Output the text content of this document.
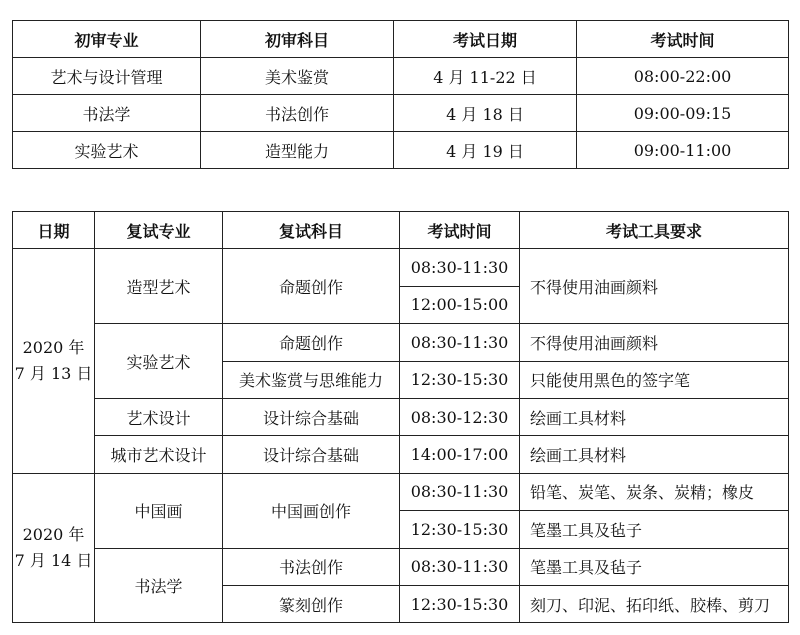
初审专业	初审科目	考试日期	考试时间
艺术与设计管理	美术鉴赏	4 月 11-22 日	08:00-22:00
书法学	书法创作	4 月 18 日	09:00-09:15
实验艺术	造型能力	4 月 19 日	09:00-11:00
日期	复试专业	复试科目	考试时间	考试工具要求
2020 年
7 月 13 日	造型艺术	命题创作	08:30-11:30	不得使用油画颜料
			12:00-15:00	
	实验艺术	命题创作	08:30-11:30	不得使用油画颜料
		美术鉴赏与思维能力	12:30-15:30	只能使用黑色的签字笔
	艺术设计	设计综合基础	08:30-12:30	绘画工具材料
	城市艺术设计	设计综合基础	14:00-17:00	绘画工具材料
2020 年
7 月 14 日	中国画	中国画创作	08:30-11:30	铅笔、炭笔、炭条、炭精；橡皮
			12:30-15:30	笔墨工具及毡子
	书法学	书法创作	08:30-11:30	笔墨工具及毡子
		篆刻创作	12:30-15:30	刻刀、印泥、拓印纸、胶棒、剪刀
